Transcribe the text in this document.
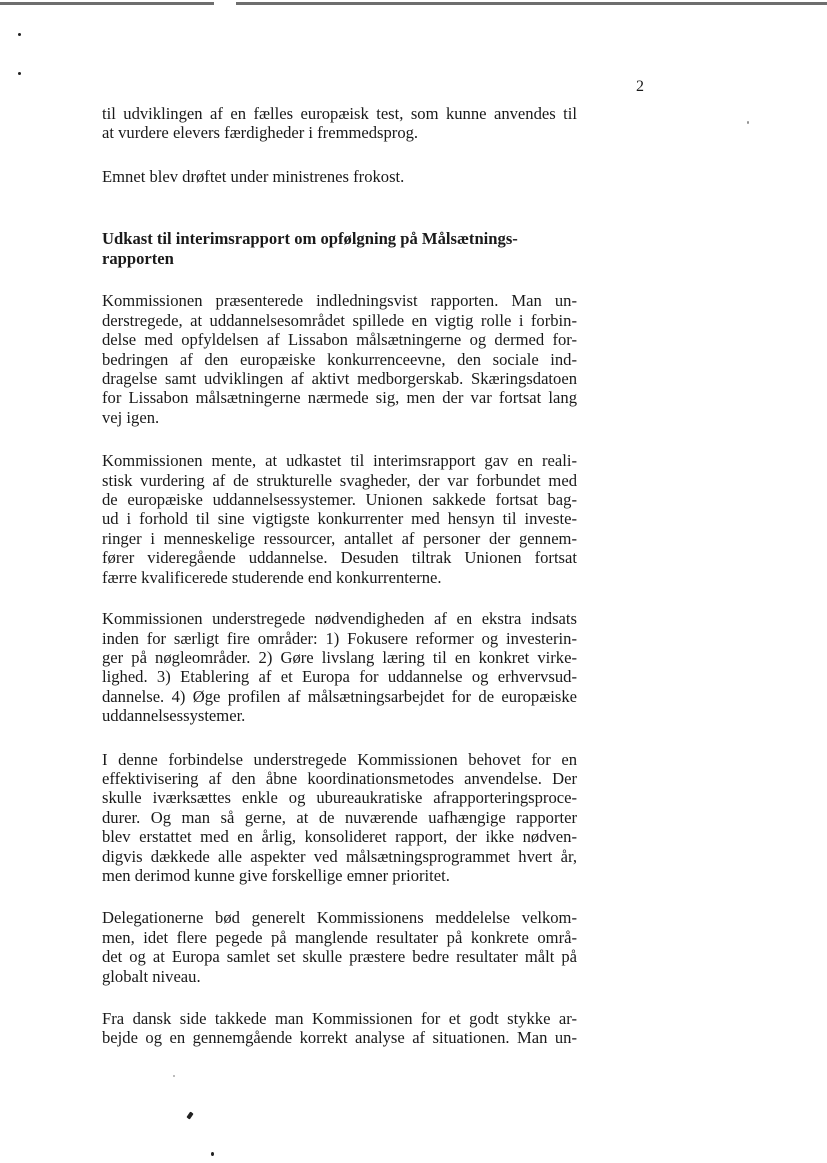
2

til udviklingen af en fælles europæisk test, som kunne anvendes til
at vurdere elevers færdigheder i fremmedsprog.

Emnet blev drøftet under ministrenes frokost.

Udkast til interimsrapport om opfølgning på Målsætnings-
rapporten

Kommissionen præsenterede indledningsvist rapporten. Man un-
derstregede, at uddannelsesområdet spillede en vigtig rolle i forbin-
delse med opfyldelsen af Lissabon målsætningerne og dermed for-
bedringen af den europæiske konkurrenceevne, den sociale ind-
dragelse samt udviklingen af aktivt medborgerskab. Skæringsdatoen
for Lissabon målsætningerne nærmede sig, men der var fortsat lang
vej igen.

Kommissionen mente, at udkastet til interimsrapport gav en reali-
stisk vurdering af de strukturelle svagheder, der var forbundet med
de europæiske uddannelsessystemer. Unionen sakkede fortsat bag-
ud i forhold til sine vigtigste konkurrenter med hensyn til investe-
ringer i menneskelige ressourcer, antallet af personer der gennem-
fører videregående uddannelse. Desuden tiltrak Unionen fortsat
færre kvalificerede studerende end konkurrenterne.

Kommissionen understregede nødvendigheden af en ekstra indsats
inden for særligt fire områder: 1) Fokusere reformer og investerin-
ger på nøgleområder. 2) Gøre livslang læring til en konkret virke-
lighed. 3) Etablering af et Europa for uddannelse og erhvervsud-
dannelse. 4) Øge profilen af målsætningsarbejdet for de europæiske
uddannelsessystemer.

I denne forbindelse understregede Kommissionen behovet for en
effektivisering af den åbne koordinationsmetodes anvendelse. Der
skulle iværksættes enkle og ubureaukratiske afrapporteringsproce-
durer. Og man så gerne, at de nuværende uafhængige rapporter
blev erstattet med en årlig, konsolideret rapport, der ikke nødven-
digvis dækkede alle aspekter ved målsætningsprogrammet hvert år,
men derimod kunne give forskellige emner prioritet.

Delegationerne bød generelt Kommissionens meddelelse velkom-
men, idet flere pegede på manglende resultater på konkrete områ-
det og at Europa samlet set skulle præstere bedre resultater målt på
globalt niveau.

Fra dansk side takkede man Kommissionen for et godt stykke ar-
bejde og en gennemgående korrekt analyse af situationen. Man un-
